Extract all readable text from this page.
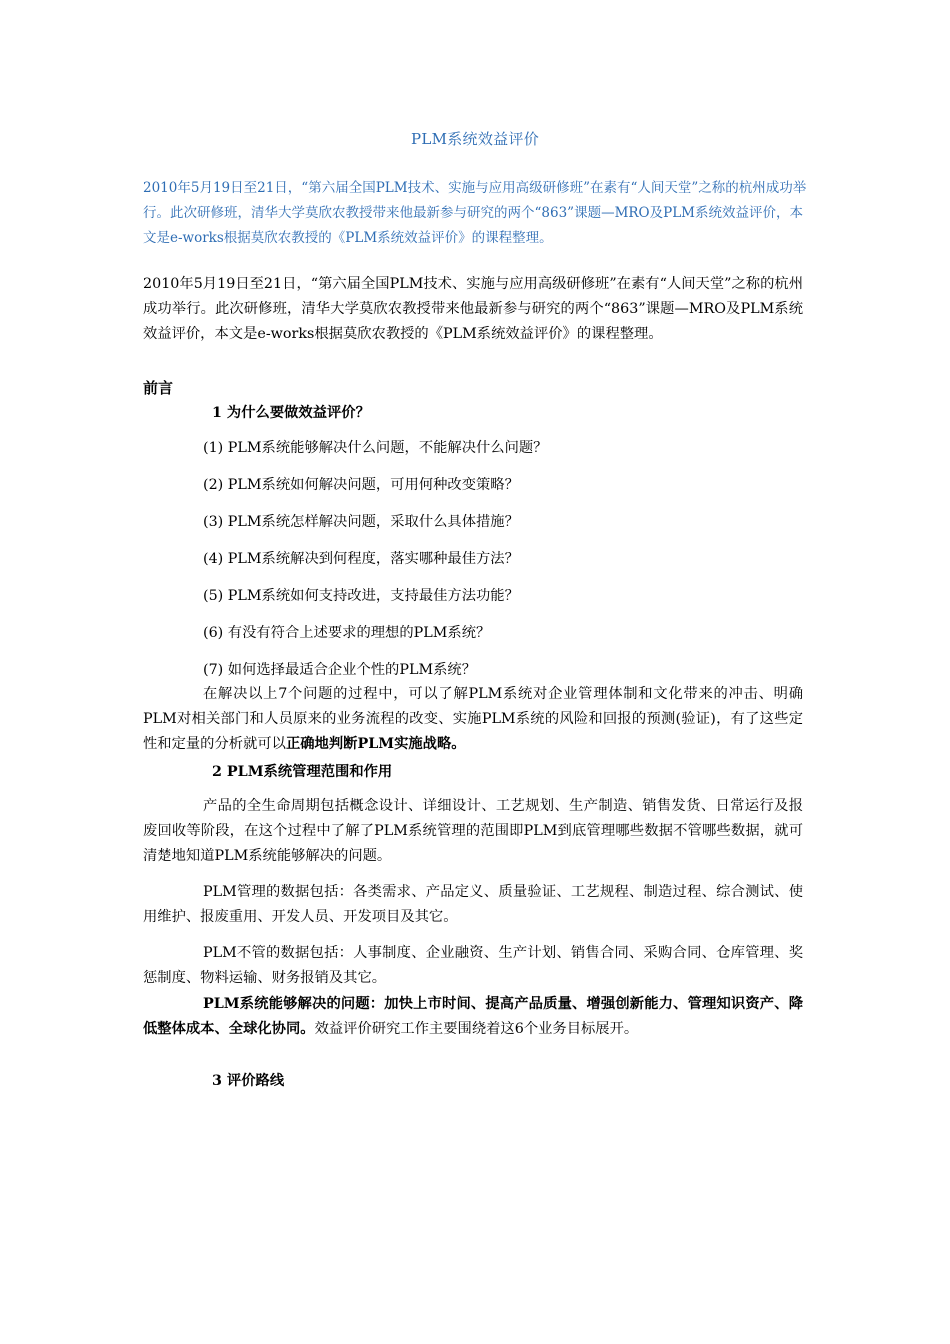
PLM系统效益评价
2010年5月19日至21日，“第六届全国PLM技术、实施与应用高级研修班”在素有“人间天堂”之称的杭州成功举行。此次研修班，清华大学莫欣农教授带来他最新参与研究的两个“863”课题—MRO及PLM系统效益评价，本文是e-works根据莫欣农教授的《PLM系统效益评价》的课程整理。
2010年5月19日至21日，“第六届全国PLM技术、实施与应用高级研修班”在素有“人间天堂”之称的杭州成功举行。此次研修班，清华大学莫欣农教授带来他最新参与研究的两个“863”课题—MRO及PLM系统效益评价，本文是e-works根据莫欣农教授的《PLM系统效益评价》的课程整理。
前言
1 为什么要做效益评价？
(1) PLM系统能够解决什么问题，不能解决什么问题？
(2) PLM系统如何解决问题，可用何种改变策略？
(3) PLM系统怎样解决问题，采取什么具体措施？
(4) PLM系统解决到何程度，落实哪种最佳方法？
(5) PLM系统如何支持改进，支持最佳方法功能？
(6) 有没有符合上述要求的理想的PLM系统？
(7) 如何选择最适合企业个性的PLM系统？
在解决以上7个问题的过程中，可以了解PLM系统对企业管理体制和文化带来的冲击、明确PLM对相关部门和人员原来的业务流程的改变、实施PLM系统的风险和回报的预测(验证)，有了这些定性和定量的分析就可以正确地判断PLM实施战略。
2 PLM系统管理范围和作用
产品的全生命周期包括概念设计、详细设计、工艺规划、生产制造、销售发货、日常运行及报废回收等阶段，在这个过程中了解了PLM系统管理的范围即PLM到底管理哪些数据不管哪些数据，就可清楚地知道PLM系统能够解决的问题。
PLM管理的数据包括：各类需求、产品定义、质量验证、工艺规程、制造过程、综合测试、使用维护、报废重用、开发人员、开发项目及其它。
PLM不管的数据包括：人事制度、企业融资、生产计划、销售合同、采购合同、仓库管理、奖惩制度、物料运输、财务报销及其它。
PLM系统能够解决的问题：加快上市时间、提高产品质量、增强创新能力、管理知识资产、降低整体成本、全球化协同。效益评价研究工作主要围绕着这6个业务目标展开。
3 评价路线
